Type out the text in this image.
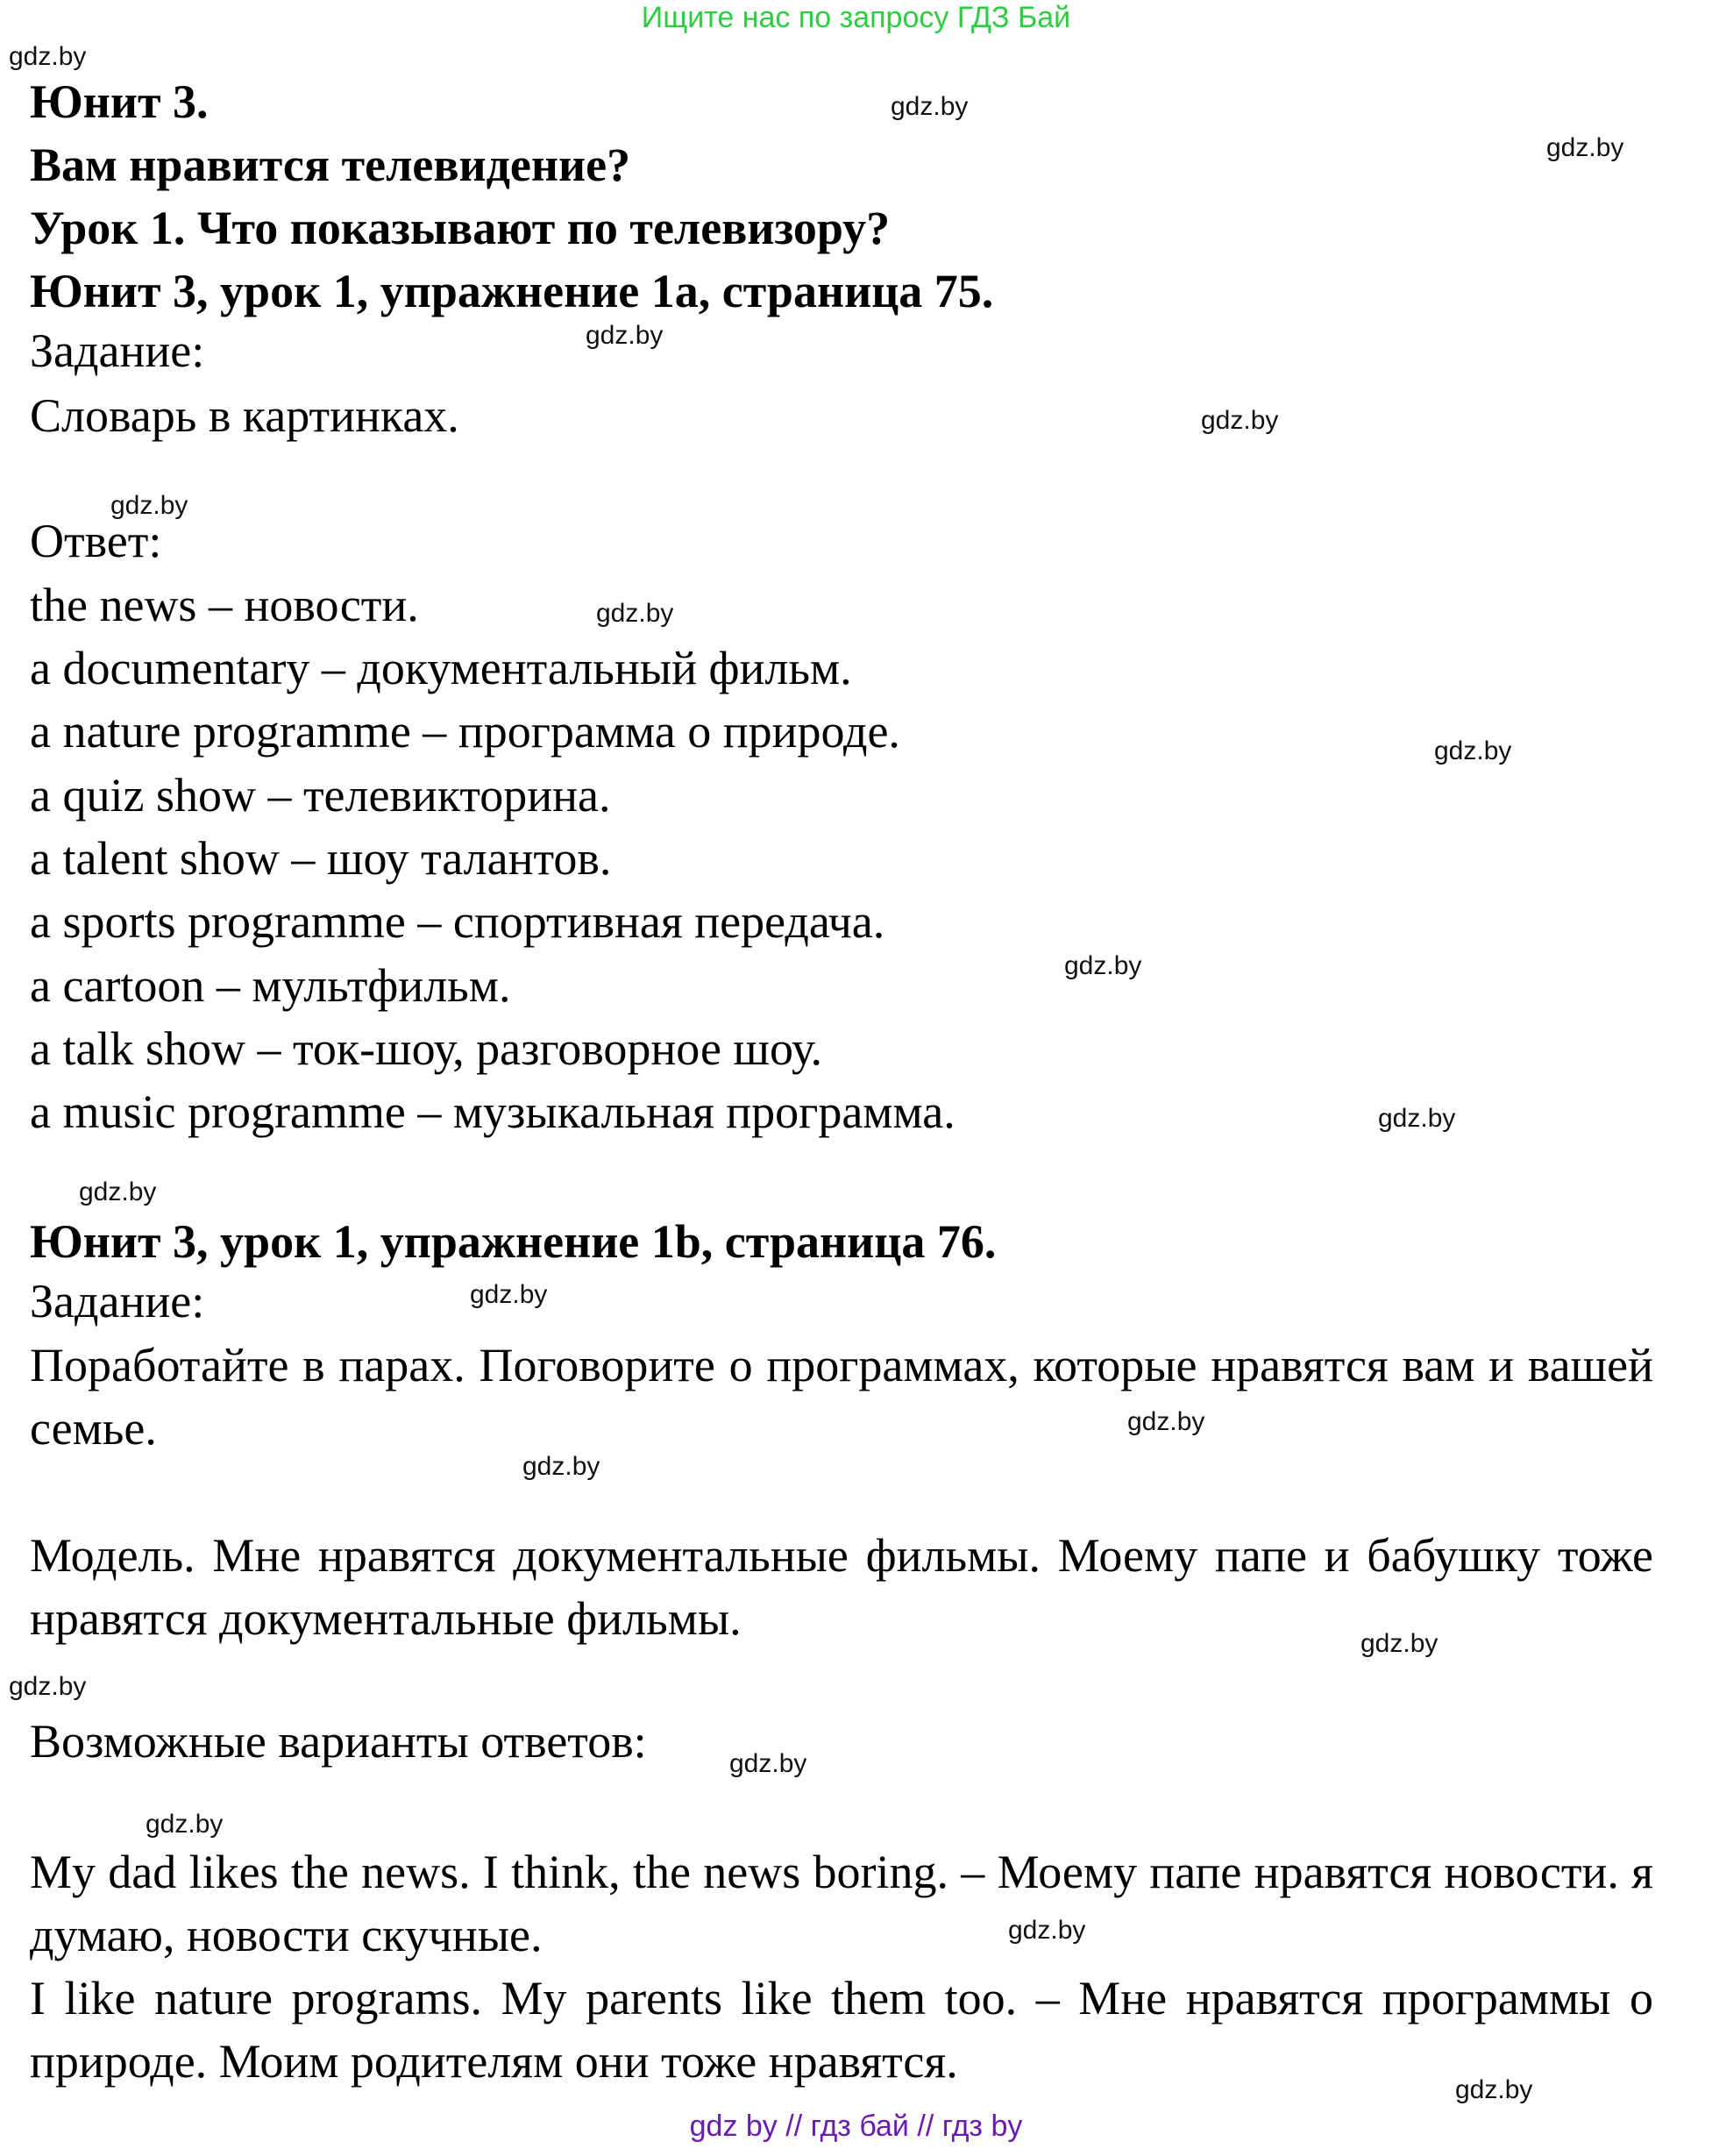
Ищите нас по запросу ГДЗ Бай
gdz.by
gdz.by
gdz.by
gdz.by
gdz.by
gdz.by
gdz.by
gdz.by
gdz.by
gdz.by
gdz.by
gdz.by
gdz.by
gdz.by
gdz.by
gdz.by
gdz.by
gdz.by
gdz.by
gdz.by
Юнит 3.
Вам нравится телевидение?
Урок 1. Что показывают по телевизору?
Юнит 3, урок 1, упражнение 1a, страница 75.
Задание:
Словарь в картинках.
Ответ:
the news – новости.
a documentary – документальный фильм.
a nature programme – программа о природе.
a quiz show – телевикторина.
a talent show – шоу талантов.
a sports programme – спортивная передача.
a cartoon – мультфильм.
a talk show – ток-шоу, разговорное шоу.
a music programme – музыкальная программа.
Юнит 3, урок 1, упражнение 1b, страница 76.
Задание:
Поработайте в парах. Поговорите о программах, которые нравятся вам и вашей семье.
Модель. Мне нравятся документальные фильмы. Моему папе и бабушку тоже нравятся документальные фильмы.
Возможные варианты ответов:
My dad likes the news. I think, the news boring. – Моему папе нравятся новости. я думаю, новости скучные.
I like nature programs. My parents like them too. – Мне нравятся программы о природе. Моим родителям они тоже нравятся.
gdz by // гдз бай // гдз by
